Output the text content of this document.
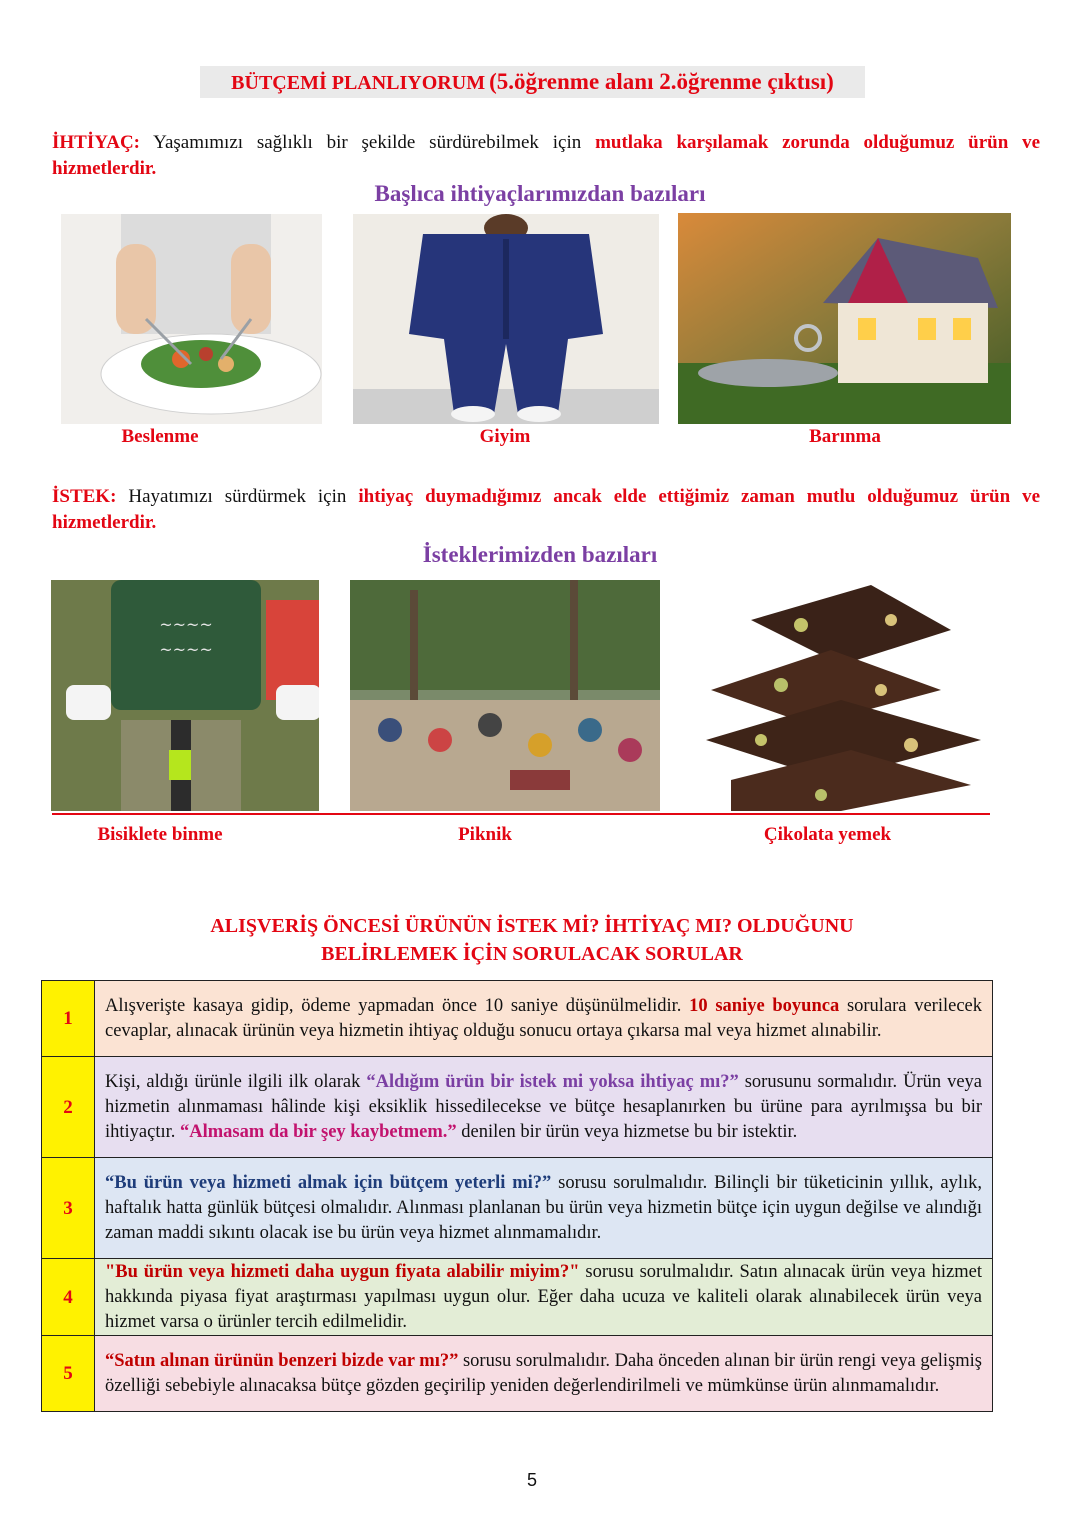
BÜTÇEMİ PLANLIYORUM (5.öğrenme alanı 2.öğrenme çıktısı)
İHTİYAÇ: Yaşamımızı sağlıklı bir şekilde sürdürebilmek için mutlaka karşılamak zorunda olduğumuz ürün ve hizmetlerdir.
Başlıca ihtiyaçlarımızdan bazıları
Beslenme	Giyim	Barınma
İSTEK: Hayatımızı sürdürmek için ihtiyaç duymadığımız ancak elde ettiğimiz zaman mutlu olduğumuz ürün ve hizmetlerdir.
İsteklerimizden bazıları
~~~~
~~~~
Bisiklete binme	Piknik	Çikolata yemek
ALIŞVERİŞ ÖNCESİ ÜRÜNÜN İSTEK Mİ? İHTİYAÇ MI? OLDUĞUNU
BELİRLEMEK İÇİN SORULACAK SORULAR
1	Alışverişte kasaya gidip, ödeme yapmadan önce 10 saniye düşünülmelidir. 10 saniye boyunca sorulara verilecek cevaplar, alınacak ürünün veya hizmetin ihtiyaç olduğu sonucu ortaya çıkarsa mal veya hizmet alınabilir.
2	Kişi, aldığı ürünle ilgili ilk olarak “Aldığım ürün bir istek mi yoksa ihtiyaç mı?” sorusunu sormalıdır. Ürün veya hizmetin alınmaması hâlinde kişi eksiklik hissedilecekse ve bütçe hesaplanırken bu ürüne para ayrılmışsa bu bir ihtiyaçtır. “Almasam da bir şey kaybetmem.” denilen bir ürün veya hizmetse bu bir istektir.
3	“Bu ürün veya hizmeti almak için bütçem yeterli mi?” sorusu sorulmalıdır. Bilinçli bir tüketicinin yıllık, aylık, haftalık hatta günlük bütçesi olmalıdır. Alınması planlanan bu ürün veya hizmetin bütçe için uygun değilse ve alındığı zaman maddi sıkıntı olacak ise bu ürün veya hizmet alınmamalıdır.
4	"Bu ürün veya hizmeti daha uygun fiyata alabilir miyim?" sorusu sorulmalıdır. Satın alınacak ürün veya hizmet hakkında piyasa fiyat araştırması yapılması uygun olur. Eğer daha ucuza ve kaliteli olarak alınabilecek ürün veya hizmet varsa o ürünler tercih edilmelidir.
5	“Satın alınan ürünün benzeri bizde var mı?” sorusu sorulmalıdır. Daha önceden alınan bir ürün rengi veya gelişmiş özelliği sebebiyle alınacaksa bütçe gözden geçirilip yeniden değerlendirilmeli ve mümkünse ürün alınmamalıdır.
5
